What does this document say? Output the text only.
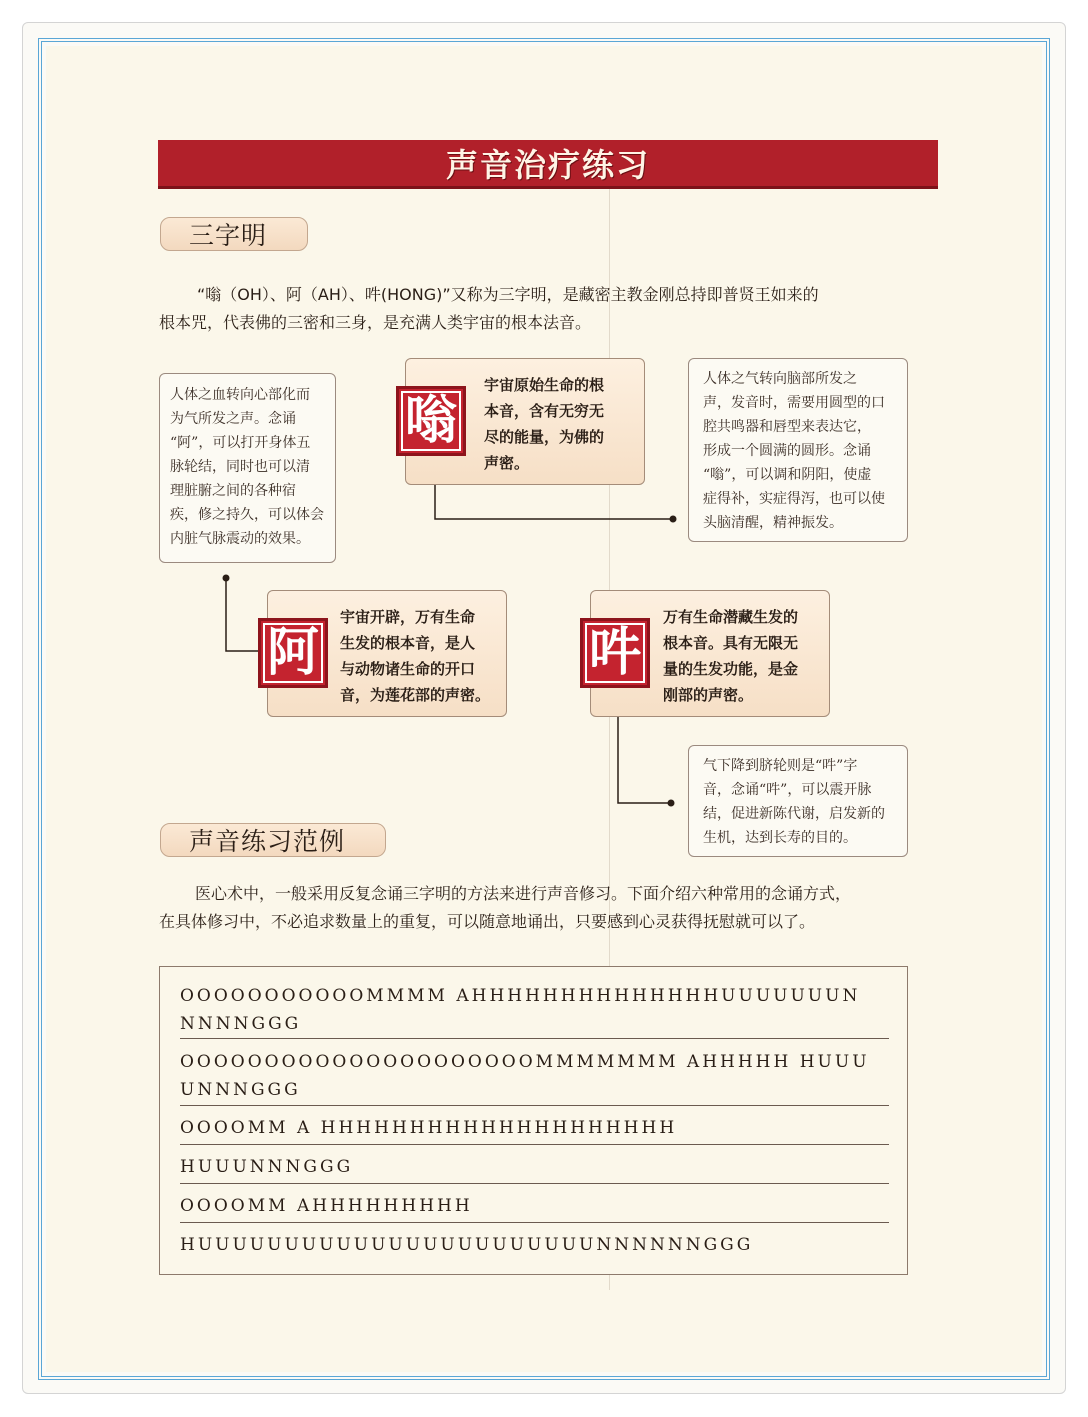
声音治疗练习
三字明

“嗡（OH）、阿（AH）、吽(HONG)”又称为三字明，是藏密主教金刚总持即普贤王如来的

根本咒，代表佛的三密和三身，是充满人类宇宙的根本法音。

人体之血转向心部化而

为气所发之声。念诵

“阿”，可以打开身体五

脉轮结，同时也可以清

理脏腑之间的各种宿

疾，修之持久，可以体会

内脏气脉震动的效果。

人体之气转向脑部所发之

声，发音时，需要用圆型的口

腔共鸣器和唇型来表达它，

形成一个圆满的圆形。念诵

“嗡”，可以调和阴阳，使虚

症得补，实症得泻，也可以使

头脑清醒，精神振发。

宇宙原始生命的根

本音，含有无穷无

尽的能量，为佛的

声密。

嗡

宇宙开辟，万有生命

生发的根本音，是人

与动物诸生命的开口

音，为莲花部的声密。

阿

万有生命潜藏生发的

根本音。具有无限无

量的生发功能，是金

刚部的声密。

吽

气下降到脐轮则是“吽”字

音，念诵“吽”，可以震开脉

结，促进新陈代谢，启发新的

生机，达到长寿的目的。

声音练习范例

医心术中，一般采用反复念诵三字明的方法来进行声音修习。下面介绍六种常用的念诵方式，

在具体修习中，不必追求数量上的重复，可以随意地诵出，只要感到心灵获得抚慰就可以了。

OOOOOOOOOOOMMMM AHHHHHHHHHHHHHHUUUUUUUN
NNNNGGG
OOOOOOOOOOOOOOOOOOOOOMMMMMMM AHHHHH HUUU
UNNNGGG
OOOOMM A HHHHHHHHHHHHHHHHHHHH
HUUUNNNGGG
OOOOMM AHHHHHHHHH
HUUUUUUUUUUUUUUUUUUUUUUUNNNNNNGGG
